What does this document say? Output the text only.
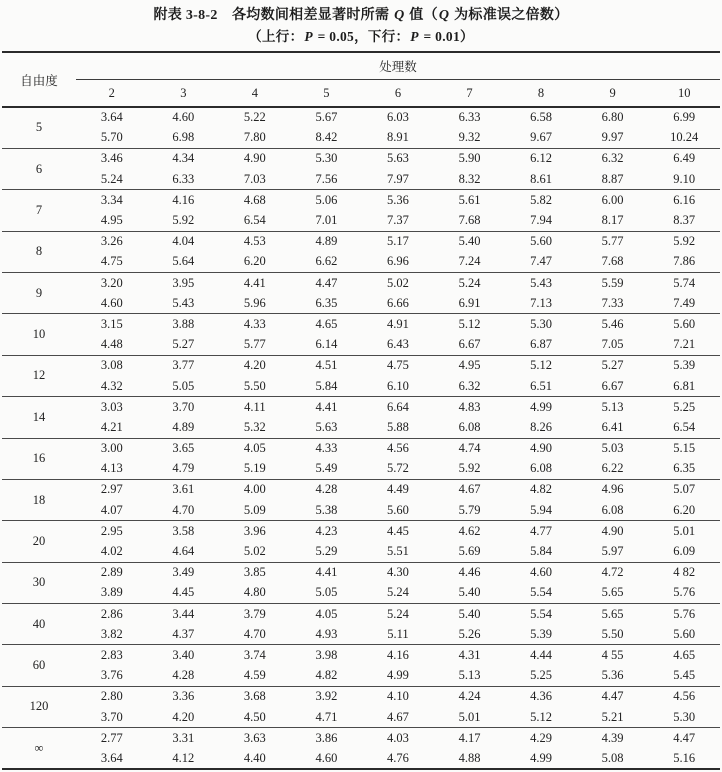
附表 3-8-2　各均数间相差显著时所需 Q 值（Q 为标准误之倍数）
（上行：P = 0.05，下行：P = 0.01）
自由度	处理数								
	2	3	4	5	6	7	8	9	10
5	3.64	4.60	5.22	5.67	6.03	6.33	6.58	6.80	6.99
	5.70	6.98	7.80	8.42	8.91	9.32	9.67	9.97	10.24
6	3.46	4.34	4.90	5.30	5.63	5.90	6.12	6.32	6.49
	5.24	6.33	7.03	7.56	7.97	8.32	8.61	8.87	9.10
7	3.34	4.16	4.68	5.06	5.36	5.61	5.82	6.00	6.16
	4.95	5.92	6.54	7.01	7.37	7.68	7.94	8.17	8.37
8	3.26	4.04	4.53	4.89	5.17	5.40	5.60	5.77	5.92
	4.75	5.64	6.20	6.62	6.96	7.24	7.47	7.68	7.86
9	3.20	3.95	4.41	4.47	5.02	5.24	5.43	5.59	5.74
	4.60	5.43	5.96	6.35	6.66	6.91	7.13	7.33	7.49
10	3.15	3.88	4.33	4.65	4.91	5.12	5.30	5.46	5.60
	4.48	5.27	5.77	6.14	6.43	6.67	6.87	7.05	7.21
12	3.08	3.77	4.20	4.51	4.75	4.95	5.12	5.27	5.39
	4.32	5.05	5.50	5.84	6.10	6.32	6.51	6.67	6.81
14	3.03	3.70	4.11	4.41	6.64	4.83	4.99	5.13	5.25
	4.21	4.89	5.32	5.63	5.88	6.08	8.26	6.41	6.54
16	3.00	3.65	4.05	4.33	4.56	4.74	4.90	5.03	5.15
	4.13	4.79	5.19	5.49	5.72	5.92	6.08	6.22	6.35
18	2.97	3.61	4.00	4.28	4.49	4.67	4.82	4.96	5.07
	4.07	4.70	5.09	5.38	5.60	5.79	5.94	6.08	6.20
20	2.95	3.58	3.96	4.23	4.45	4.62	4.77	4.90	5.01
	4.02	4.64	5.02	5.29	5.51	5.69	5.84	5.97	6.09
30	2.89	3.49	3.85	4.41	4.30	4.46	4.60	4.72	4 82
	3.89	4.45	4.80	5.05	5.24	5.40	5.54	5.65	5.76
40	2.86	3.44	3.79	4.05	5.24	5.40	5.54	5.65	5.76
	3.82	4.37	4.70	4.93	5.11	5.26	5.39	5.50	5.60
60	2.83	3.40	3.74	3.98	4.16	4.31	4.44	4 55	4.65
	3.76	4.28	4.59	4.82	4.99	5.13	5.25	5.36	5.45
120	2.80	3.36	3.68	3.92	4.10	4.24	4.36	4.47	4.56
	3.70	4.20	4.50	4.71	4.67	5.01	5.12	5.21	5.30
∞	2.77	3.31	3.63	3.86	4.03	4.17	4.29	4.39	4.47
	3.64	4.12	4.40	4.60	4.76	4.88	4.99	5.08	5.16
